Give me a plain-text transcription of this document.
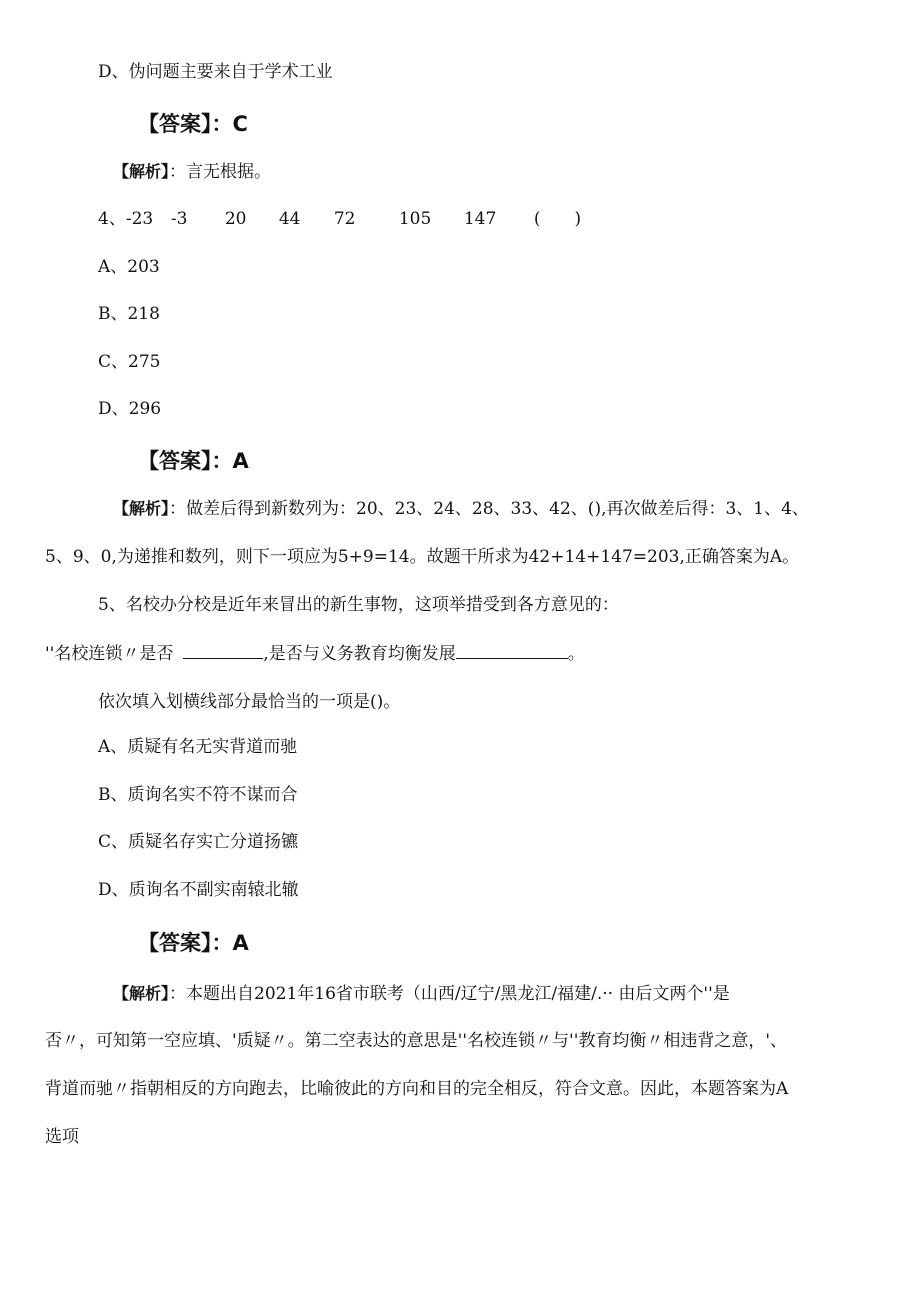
D、伪问题主要来自于学术工业
【答案】：C
【解析】：言无根据。
4、-23 -3 20 44 72	105 147 (　　)
A、203
B、218
C、275
D、296
【答案】：A
【解析】：做差后得到新数列为：20、23、24、28、33、42、(),再次做差后得：3、1、4、
5、9、0,为递推和数列，则下一项应为5+9=14。故题干所求为42+14+147=203,正确答案为A。
5、名校办分校是近年来冒出的新生事物，这项举措受到各方意见的：
''名校连锁〃是否	,是否与义务教育均衡发展	。
依次填入划横线部分最恰当的一项是()。
A、质疑有名无实背道而驰
B、质询名实不符不谋而合
C、质疑名存实亡分道扬镳
D、质询名不副实南辕北辙
【答案】：A
【解析】：本题出自2021年16省市联考（山西/辽宁/黑龙江/福建/.·· 由后文两个''是
否〃，可知第一空应填、'质疑〃。第二空表达的意思是''名校连锁〃与''教育均衡〃相违背之意，'、
背道而驰〃指朝相反的方向跑去，比喻彼此的方向和目的完全相反，符合文意。因此，本题答案为A
选项
